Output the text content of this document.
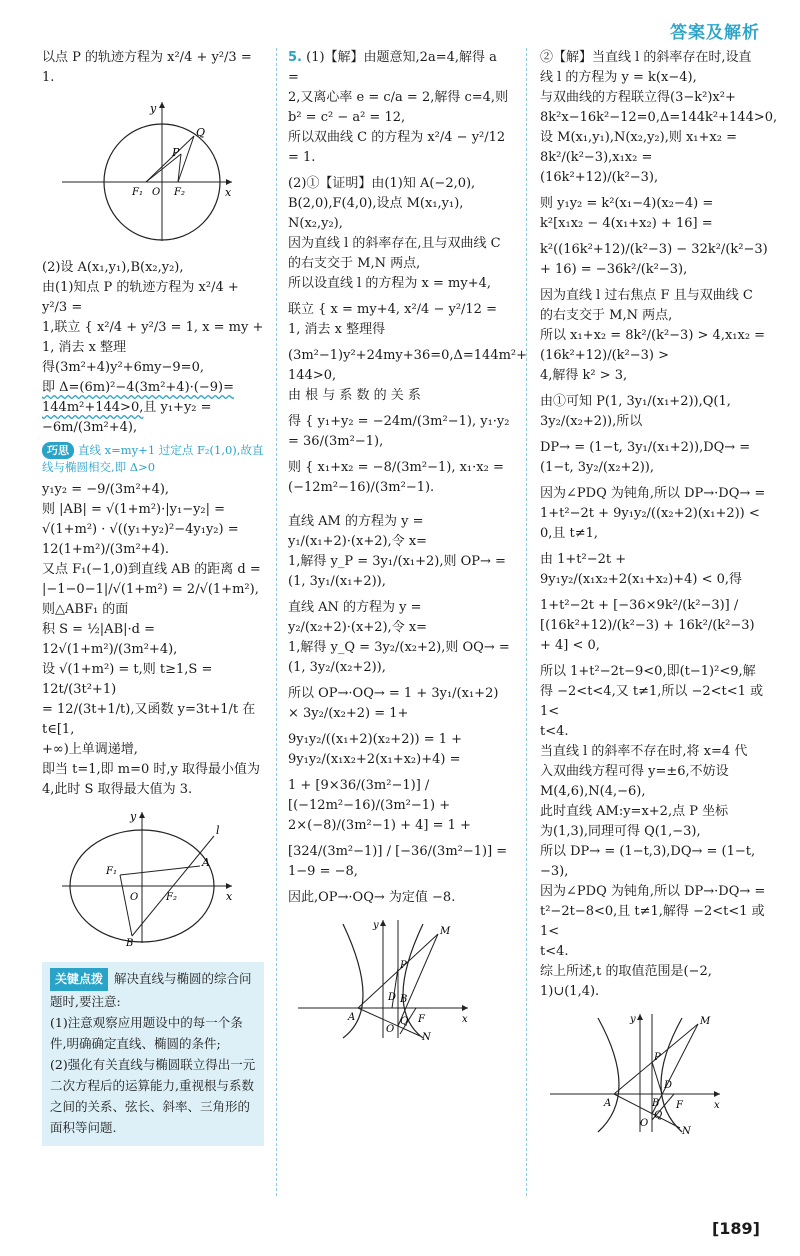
答案及解析

以点 P 的轨迹方程为 x²/4 + y²/3 = 1.

y
x
Q
P
F₁ O F₂

(2)设 A(x₁,y₁),B(x₂,y₂),

由(1)知点 P 的轨迹方程为 x²/4 + y²/3 =

1,联立 { x²/4 + y²/3 = 1, x = my + 1, 消去 x 整理

得(3m²+4)y²+6my−9=0,

即 Δ=(6m)²−4(3m²+4)·(−9)=

144m²+144>0,且 y₁+y₂ = −6m/(3m²+4),

巧思 直线 x=my+1 过定点 F₂(1,0),故直线与椭圆相交,即 Δ>0

y₁y₂ = −9/(3m²+4),

则 |AB| = √(1+m²)·|y₁−y₂| =

√(1+m²) · √((y₁+y₂)²−4y₁y₂) =

12(1+m²)/(3m²+4).

又点 F₁(−1,0)到直线 AB 的距离 d =

|−1−0−1|/√(1+m²) = 2/√(1+m²),则△ABF₁ 的面

积 S = ½|AB|·d = 12√(1+m²)/(3m²+4),

设 √(1+m²) = t,则 t≥1,S = 12t/(3t²+1)

= 12/(3t+1/t),又函数 y=3t+1/t 在 t∈[1,

+∞)上单调递增,

即当 t=1,即 m=0 时,y 取得最小值为

4,此时 S 取得最大值为 3.

y
x
l
A
F₁
O	F₂
B
关键点拨 解决直线与椭圆的综合问题时,要注意:
(1)注意观察应用题设中的每一个条件,明确确定直线、椭圆的条件;
(2)强化有关直线与椭圆联立得出一元二次方程后的运算能力,重视根与系数之间的关系、弦长、斜率、三角形的面积等问题.

5. (1)【解】由题意知,2a=4,解得 a =

2,又离心率 e = c/a = 2,解得 c=4,则

b² = c² − a² = 12,

所以双曲线 C 的方程为 x²/4 − y²/12 = 1.

(2)①【证明】由(1)知 A(−2,0),

B(2,0),F(4,0),设点 M(x₁,y₁),

N(x₂,y₂),

因为直线 l 的斜率存在,且与双曲线 C

的右支交于 M,N 两点,

所以设直线 l 的方程为 x = my+4,

联立 { x = my+4, x²/4 − y²/12 = 1, 消去 x 整理得

(3m²−1)y²+24my+36=0,Δ=144m²+

144>0,

由 根 与 系 数 的 关 系

得 { y₁+y₂ = −24m/(3m²−1), y₁·y₂ = 36/(3m²−1),

则 { x₁+x₂ = −8/(3m²−1), x₁·x₂ = (−12m²−16)/(3m²−1).

直线 AM 的方程为 y = y₁/(x₁+2)·(x+2),令 x=

1,解得 y_P = 3y₁/(x₁+2),则 OP→ = (1, 3y₁/(x₁+2)),

直线 AN 的方程为 y = y₂/(x₂+2)·(x+2),令 x=

1,解得 y_Q = 3y₂/(x₂+2),则 OQ→ = (1, 3y₂/(x₂+2)),

所以 OP→·OQ→ = 1 + 3y₁/(x₁+2) × 3y₂/(x₂+2) = 1+

9y₁y₂/((x₁+2)(x₂+2)) = 1 + 9y₁y₂/(x₁x₂+2(x₁+x₂)+4) =

1 + [9×36/(3m²−1)] / [(−12m²−16)/(3m²−1) + 2×(−8)/(3m²−1) + 4] = 1 +

[324/(3m²−1)] / [−36/(3m²−1)] = 1−9 = −8,

因此,OP→·OQ→ 为定值 −8.

y
x
M
P
A
D B
F
Q
O
N

②【解】当直线 l 的斜率存在时,设直

线 l 的方程为 y = k(x−4),

与双曲线的方程联立得(3−k²)x²+

8k²x−16k²−12=0,Δ=144k²+144>0,

设 M(x₁,y₁),N(x₂,y₂),则 x₁+x₂ =

8k²/(k²−3),x₁x₂ = (16k²+12)/(k²−3),

则 y₁y₂ = k²(x₁−4)(x₂−4) =

k²[x₁x₂ − 4(x₁+x₂) + 16] =

k²((16k²+12)/(k²−3) − 32k²/(k²−3) + 16) = −36k²/(k²−3),

因为直线 l 过右焦点 F 且与双曲线 C

的右支交于 M,N 两点,

所以 x₁+x₂ = 8k²/(k²−3) > 4,x₁x₂ = (16k²+12)/(k²−3) >

4,解得 k² > 3,

由①可知 P(1, 3y₁/(x₁+2)),Q(1, 3y₂/(x₂+2)),所以

DP→ = (1−t, 3y₁/(x₁+2)),DQ→ = (1−t, 3y₂/(x₂+2)),

因为∠PDQ 为钝角,所以 DP→·DQ→ =

1+t²−2t + 9y₁y₂/((x₂+2)(x₁+2)) < 0,且 t≠1,

由 1+t²−2t + 9y₁y₂/(x₁x₂+2(x₁+x₂)+4) < 0,得

1+t²−2t + [−36×9k²/(k²−3)] / [(16k²+12)/(k²−3) + 16k²/(k²−3) + 4] < 0,

所以 1+t²−2t−9<0,即(t−1)²<9,解

得 −2<t<4,又 t≠1,所以 −2<t<1 或 1<

t<4.

当直线 l 的斜率不存在时,将 x=4 代

入双曲线方程可得 y=±6,不妨设

M(4,6),N(4,−6),

此时直线 AM:y=x+2,点 P 坐标

为(1,3),同理可得 Q(1,−3),

所以 DP→ = (1−t,3),DQ→ = (1−t,−3),

因为∠PDQ 为钝角,所以 DP→·DQ→ =

t²−2t−8<0,且 t≠1,解得 −2<t<1 或 1<

t<4.

综上所述,t 的取值范围是(−2,

1)∪(1,4).

y
x
M
P
D
A	B F
Q
O
N
[189]
